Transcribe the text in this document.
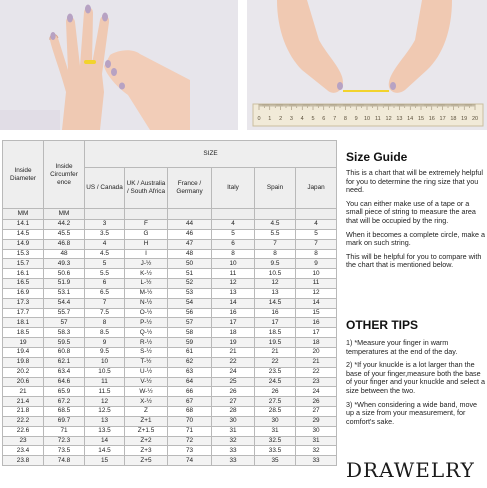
0 1 2 3 4 5 6 7 8 9 10 11 12 13 14 15 16 17 18 19 20
Inside Diameter	Inside Circumfer ence	SIZE					
		US / Canada	UK / Australia / South Africa	France / Germany	Italy	Spain	Japan
MM	MM						
14.1	44.2	3	F	44	4	4.5	4
14.5	45.5	3.5	G	46	5	5.5	5
14.9	46.8	4	H	47	6	7	7
15.3	48	4.5	I	48	8	8	8
15.7	49.3	5	J-½	50	10	9.5	9
16.1	50.6	5.5	K-½	51	11	10.5	10
16.5	51.9	6	L-½	52	12	12	11
16.9	53.1	6.5	M-½	53	13	13	12
17.3	54.4	7	N-½	54	14	14.5	14
17.7	55.7	7.5	O-½	56	16	16	15
18.1	57	8	P-½	57	17	17	16
18.5	58.3	8.5	Q-½	58	18	18.5	17
19	59.5	9	R-½	59	19	19.5	18
19.4	60.8	9.5	S-½	61	21	21	20
19.8	62.1	10	T-½	62	22	22	21
20.2	63.4	10.5	U-½	63	24	23.5	22
20.6	64.6	11	V-½	64	25	24.5	23
21	65.9	11.5	W-½	66	26	26	24
21.4	67.2	12	X-½	67	27	27.5	26
21.8	68.5	12.5	Z	68	28	28.5	27
22.2	69.7	13	Z+1	70	30	30	29
22.6	71	13.5	Z+1.5	71	31	31	30
23	72.3	14	Z+2	72	32	32.5	31
23.4	73.5	14.5	Z+3	73	33	33.5	32
23.8	74.8	15	Z+5	74	33	35	33
Size Guide

This is a chart that will be extremely helpful for you to determine the ring size that you need.

You can either make use of a tape or a small piece of string to measure the area that will be occupied by the ring.

When it becomes a complete circle, make a mark on such string.

This will be helpful for you to compare with the chart that is mentioned below.

OTHER TIPS

1) *Measure your finger in warm temperatures at the end of the day.

2) *If your knuckle is a lot larger than the base of your finger,measure both the base of your finger and your knuckle and select a size between the two.

3) *When considering a wide band, move up a size from your measurement, for comfort's sake.

DRAWELRY
